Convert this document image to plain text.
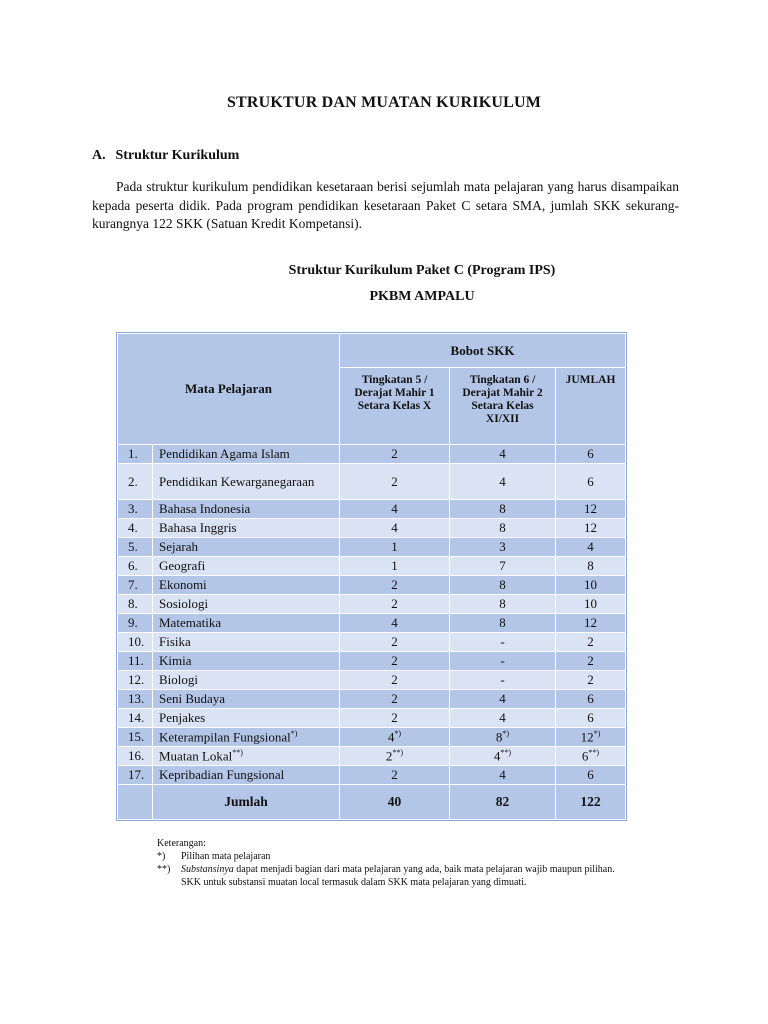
STRUKTUR DAN MUATAN KURIKULUM
A. Struktur Kurikulum
Pada struktur kurikulum pendidikan kesetaraan berisi sejumlah mata pelajaran yang harus disampaikan kepada peserta didik. Pada program pendidikan kesetaraan Paket C setara SMA, jumlah SKK sekurang-kurangnya 122 SKK (Satuan Kredit Kompetansi).
Struktur Kurikulum Paket C (Program IPS)
PKBM AMPALU
Mata Pelajaran		Bobot SKK		
		Tingkatan 5 / Derajat Mahir 1 Setara Kelas X	Tingkatan 6 / Derajat Mahir 2 Setara Kelas XI/XII	JUMLAH
1.	Pendidikan Agama Islam	2	4	6
2.	Pendidikan Kewarganegaraan	2	4	6
3.	Bahasa Indonesia	4	8	12
4.	Bahasa Inggris	4	8	12
5.	Sejarah	1	3	4
6.	Geografi	1	7	8
7.	Ekonomi	2	8	10
8.	Sosiologi	2	8	10
9.	Matematika	4	8	12
10.	Fisika	2	-	2
11.	Kimia	2	-	2
12.	Biologi	2	-	2
13.	Seni Budaya	2	4	6
14.	Penjakes	2	4	6
15.	Keterampilan Fungsional*)	4*)	8*)	12*)
16.	Muatan Lokal**)	2**)	4**)	6**)
17.	Kepribadian Fungsional	2	4	6
	Jumlah	40	82	122
Keterangan:
*) Pilihan mata pelajaran
**) Substansinya dapat menjadi bagian dari mata pelajaran yang ada, baik mata pelajaran wajib maupun pilihan.
SKK untuk substansi muatan local termasuk dalam SKK mata pelajaran yang dimuati.
